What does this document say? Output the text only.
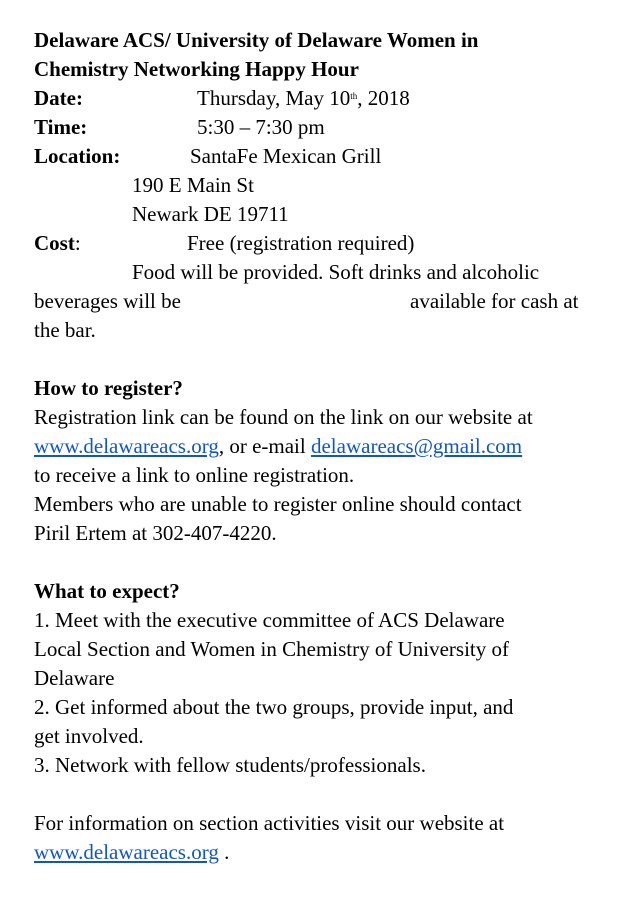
Delaware ACS/ University of Delaware Women in
Chemistry Networking Happy Hour
Date:	Thursday, May 10th, 2018
Time:	5:30 – 7:30 pm
Location:	SantaFe Mexican Grill
190 E Main St
Newark DE 19711
Cost:	Free (registration required)
Food will be provided. Soft drinks and alcoholic
beverages will be	available for cash at
the bar.
How to register?
Registration link can be found on the link on our website at
www.delawareacs.org, or e-mail delawareacs@gmail.com
to receive a link to online registration.
Members who are unable to register online should contact
Piril Ertem at 302-407-4220.
What to expect?
1. Meet with the executive committee of ACS Delaware
Local Section and Women in Chemistry of University of
Delaware
2. Get informed about the two groups, provide input, and
get involved.
3. Network with fellow students/professionals.
For information on section activities visit our website at
www.delawareacs.org .
